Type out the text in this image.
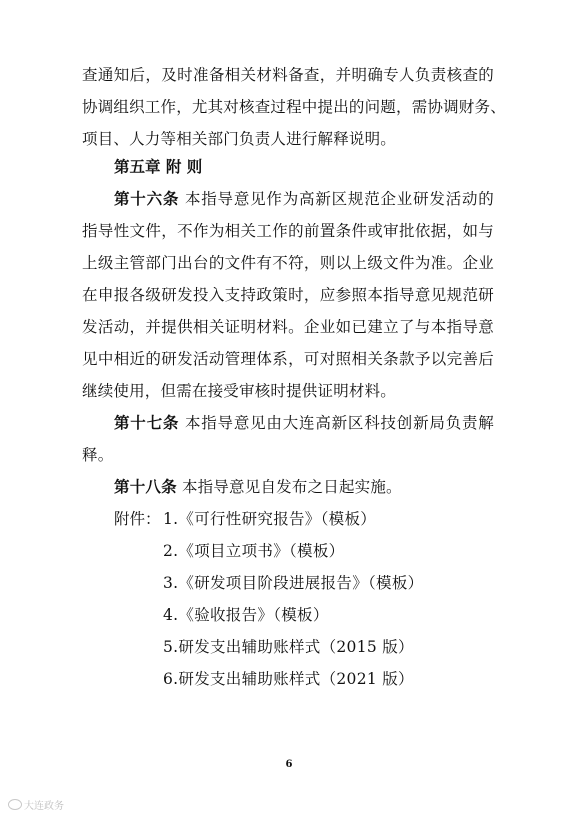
查通知后，及时准备相关材料备查，并明确专人负责核查的
协调组织工作，尤其对核查过程中提出的问题，需协调财务、
项目、人力等相关部门负责人进行解释说明。
第五章 附 则
第十六条 本指导意见作为高新区规范企业研发活动的
指导性文件，不作为相关工作的前置条件或审批依据，如与
上级主管部门出台的文件有不符，则以上级文件为准。企业
在申报各级研发投入支持政策时，应参照本指导意见规范研
发活动，并提供相关证明材料。企业如已建立了与本指导意
见中相近的研发活动管理体系，可对照相关条款予以完善后
继续使用，但需在接受审核时提供证明材料。
第十七条 本指导意见由大连高新区科技创新局负责解
释。
第十八条 本指导意见自发布之日起实施。
附件： 1.《可行性研究报告》（模板）
2.《项目立项书》（模板）
3.《研发项目阶段进展报告》（模板）
4.《验收报告》（模板）
5.研发支出辅助账样式（2015 版）
6.研发支出辅助账样式（2021 版）
6
大连政务
